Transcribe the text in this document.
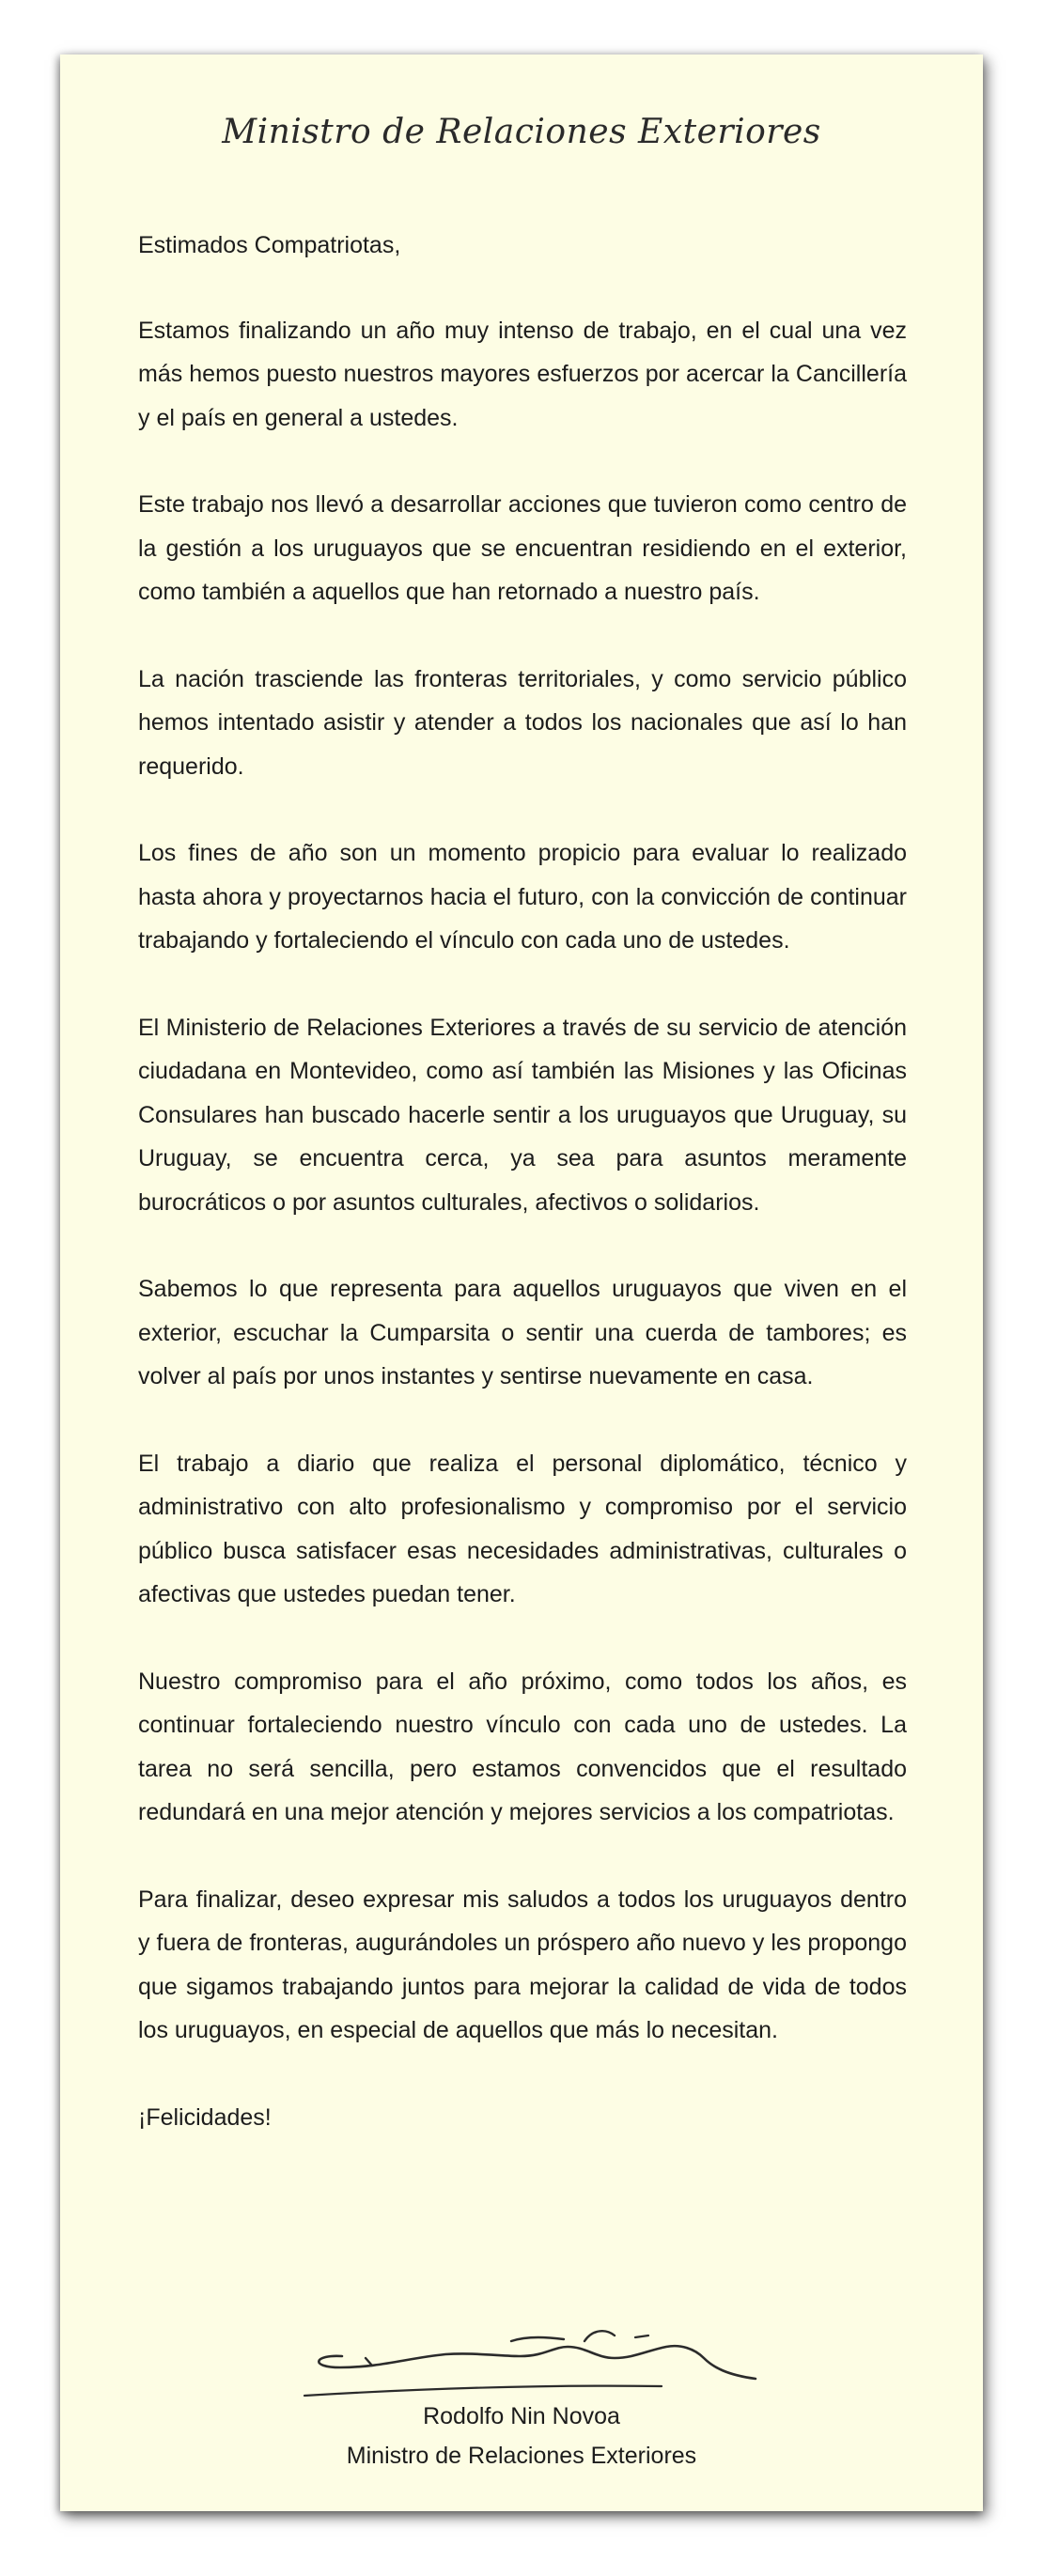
Ministro de Relaciones Exteriores

Estimados Compatriotas,

Estamos finalizando un año muy intenso de trabajo, en el cual una vez más hemos puesto nuestros mayores esfuerzos por acercar la Cancillería y el país en general a ustedes.

Este trabajo nos llevó a desarrollar acciones que tuvieron como centro de la gestión a los uruguayos que se encuentran residiendo en el exterior, como también a aquellos que han retornado a nuestro país.

La nación trasciende las fronteras territoriales, y como servicio público hemos intentado asistir y atender a todos los nacionales que así lo han requerido.

Los fines de año son un momento propicio para evaluar lo realizado hasta ahora y proyectarnos hacia el futuro, con la convicción de continuar trabajando y fortaleciendo el vínculo con cada uno de ustedes.

El Ministerio de Relaciones Exteriores a través de su servicio de atención ciudadana en Montevideo, como así también las Misiones y las Oficinas Consulares han buscado hacerle sentir a los uruguayos que Uruguay, su Uruguay, se encuentra cerca, ya sea para asuntos meramente burocráticos o por asuntos culturales, afectivos o solidarios.

Sabemos lo que representa para aquellos uruguayos que viven en el exterior, escuchar la Cumparsita o sentir una cuerda de tambores; es volver al país por unos instantes y sentirse nuevamente en casa.

El trabajo a diario que realiza el personal diplomático, técnico y administrativo con alto profesionalismo y compromiso por el servicio público busca satisfacer esas necesidades administrativas, culturales o afectivas que ustedes puedan tener.

Nuestro compromiso para el año próximo, como todos los años, es continuar fortaleciendo nuestro vínculo con cada uno de ustedes. La tarea no será sencilla, pero estamos convencidos que el resultado redundará en una mejor atención y mejores servicios a los compatriotas.

Para finalizar, deseo expresar mis saludos a todos los uruguayos dentro y fuera de fronteras, augurándoles un próspero año nuevo y les propongo que sigamos trabajando juntos para mejorar la calidad de vida de todos los uruguayos, en especial de aquellos que más lo necesitan.

¡Felicidades!

Rodolfo Nin Novoa
Ministro de Relaciones Exteriores
